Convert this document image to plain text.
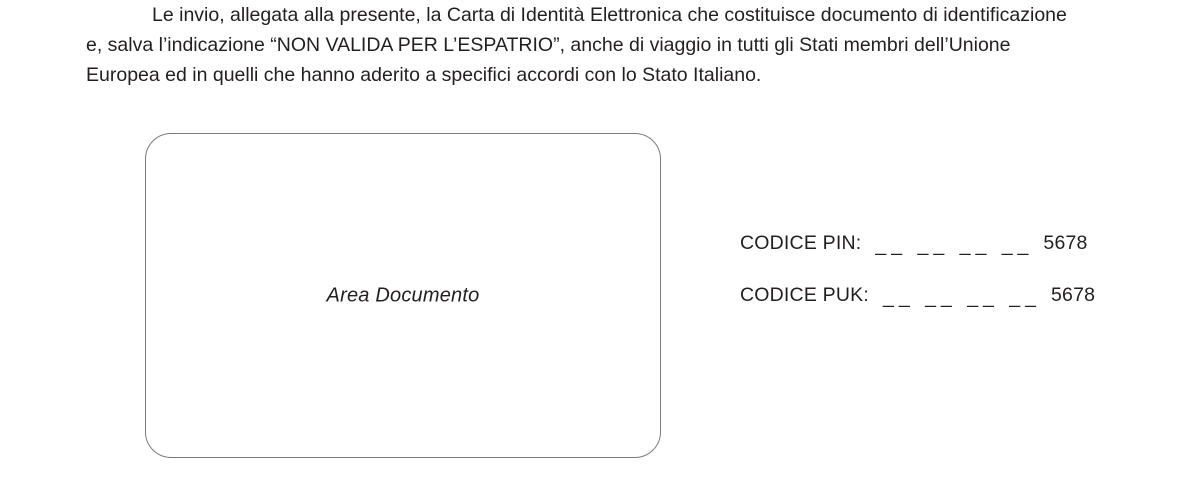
Le invio, allegata alla presente, la Carta di Identità Elettronica che costituisce documento di identificazione

e, salva l’indicazione “NON VALIDA PER L’ESPATRIO”, anche di viaggio in tutti gli Stati membri dell’Unione

Europea ed in quelli che hanno aderito a specifici accordi con lo Stato Italiano.

Area Documento
CODICE PIN: __ __ __ __ 5678
CODICE PUK: __ __ __ __ 5678
